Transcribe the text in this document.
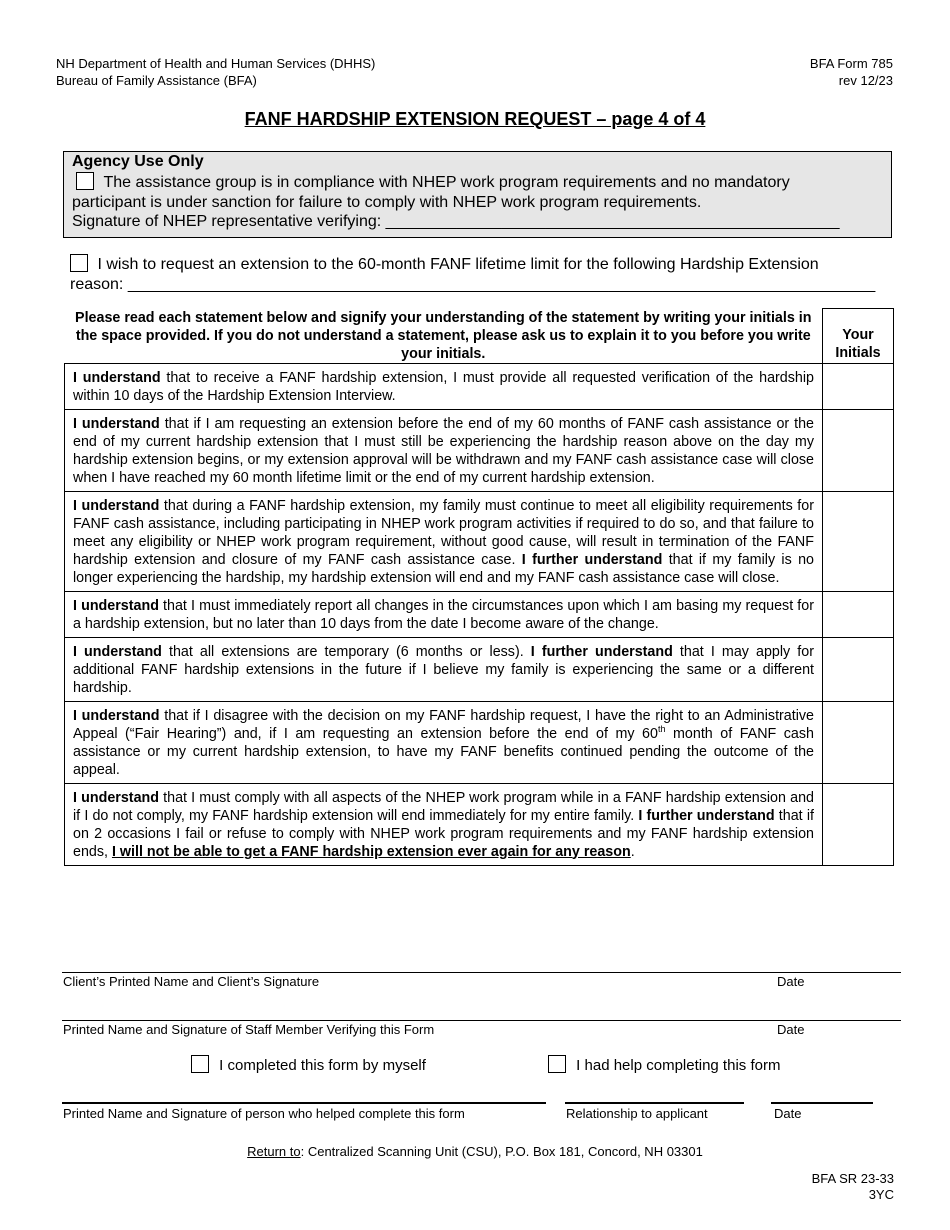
NH Department of Health and Human Services (DHHS)
Bureau of Family Assistance (BFA)
BFA Form 785
rev 12/23
FANF HARDSHIP EXTENSION REQUEST – page 4 of 4
Agency Use Only
The assistance group is in compliance with NHEP work program requirements and no mandatory
participant is under sanction for failure to comply with NHEP work program requirements.
Signature of NHEP representative verifying: ___________________________________________________
I wish to request an extension to the 60-month FANF lifetime limit for the following Hardship Extension
reason: ____________________________________________________________________________________
Please read each statement below and signify your understanding of the statement by writing your initials in the space provided. If you do not understand a statement, please ask us to explain it to you before you write your initials.	Your
Initials

I understand that to receive a FANF hardship extension, I must provide all requested verification of the hardship within 10 days of the Hardship Extension Interview.	
I understand that if I am requesting an extension before the end of my 60 months of FANF cash assistance or the end of my current hardship extension that I must still be experiencing the hardship reason above on the day my hardship extension begins, or my extension approval will be withdrawn and my FANF cash assistance case will close when I have reached my 60 month lifetime limit or the end of my current hardship extension.	
I understand that during a FANF hardship extension, my family must continue to meet all eligibility requirements for FANF cash assistance, including participating in NHEP work program activities if required to do so, and that failure to meet any eligibility or NHEP work program requirement, without good cause, will result in termination of the FANF hardship extension and closure of my FANF cash assistance case. I further understand that if my family is no longer experiencing the hardship, my hardship extension will end and my FANF cash assistance case will close.	
I understand that I must immediately report all changes in the circumstances upon which I am basing my request for a hardship extension, but no later than 10 days from the date I become aware of the change.	
I understand that all extensions are temporary (6 months or less). I further understand that I may apply for additional FANF hardship extensions in the future if I believe my family is experiencing the same or a different hardship.	
I understand that if I disagree with the decision on my FANF hardship request, I have the right to an Administrative Appeal (“Fair Hearing”) and, if I am requesting an extension before the end of my 60th month of FANF cash assistance or my current hardship extension, to have my FANF benefits continued pending the outcome of the appeal.	
I understand that I must comply with all aspects of the NHEP work program while in a FANF hardship extension and if I do not comply, my FANF hardship extension will end immediately for my entire family. I further understand that if on 2 occasions I fail or refuse to comply with NHEP work program requirements and my FANF hardship extension ends, I will not be able to get a FANF hardship extension ever again for any reason.	
Client’s Printed Name and Client’s Signature	Date
Printed Name and Signature of Staff Member Verifying this Form	Date
I completed this form by myself	I had help completing this form
Printed Name and Signature of person who helped complete this form	Relationship to applicant	Date
Return to: Centralized Scanning Unit (CSU), P.O. Box 181, Concord, NH 03301
BFA SR 23-33
3YC
